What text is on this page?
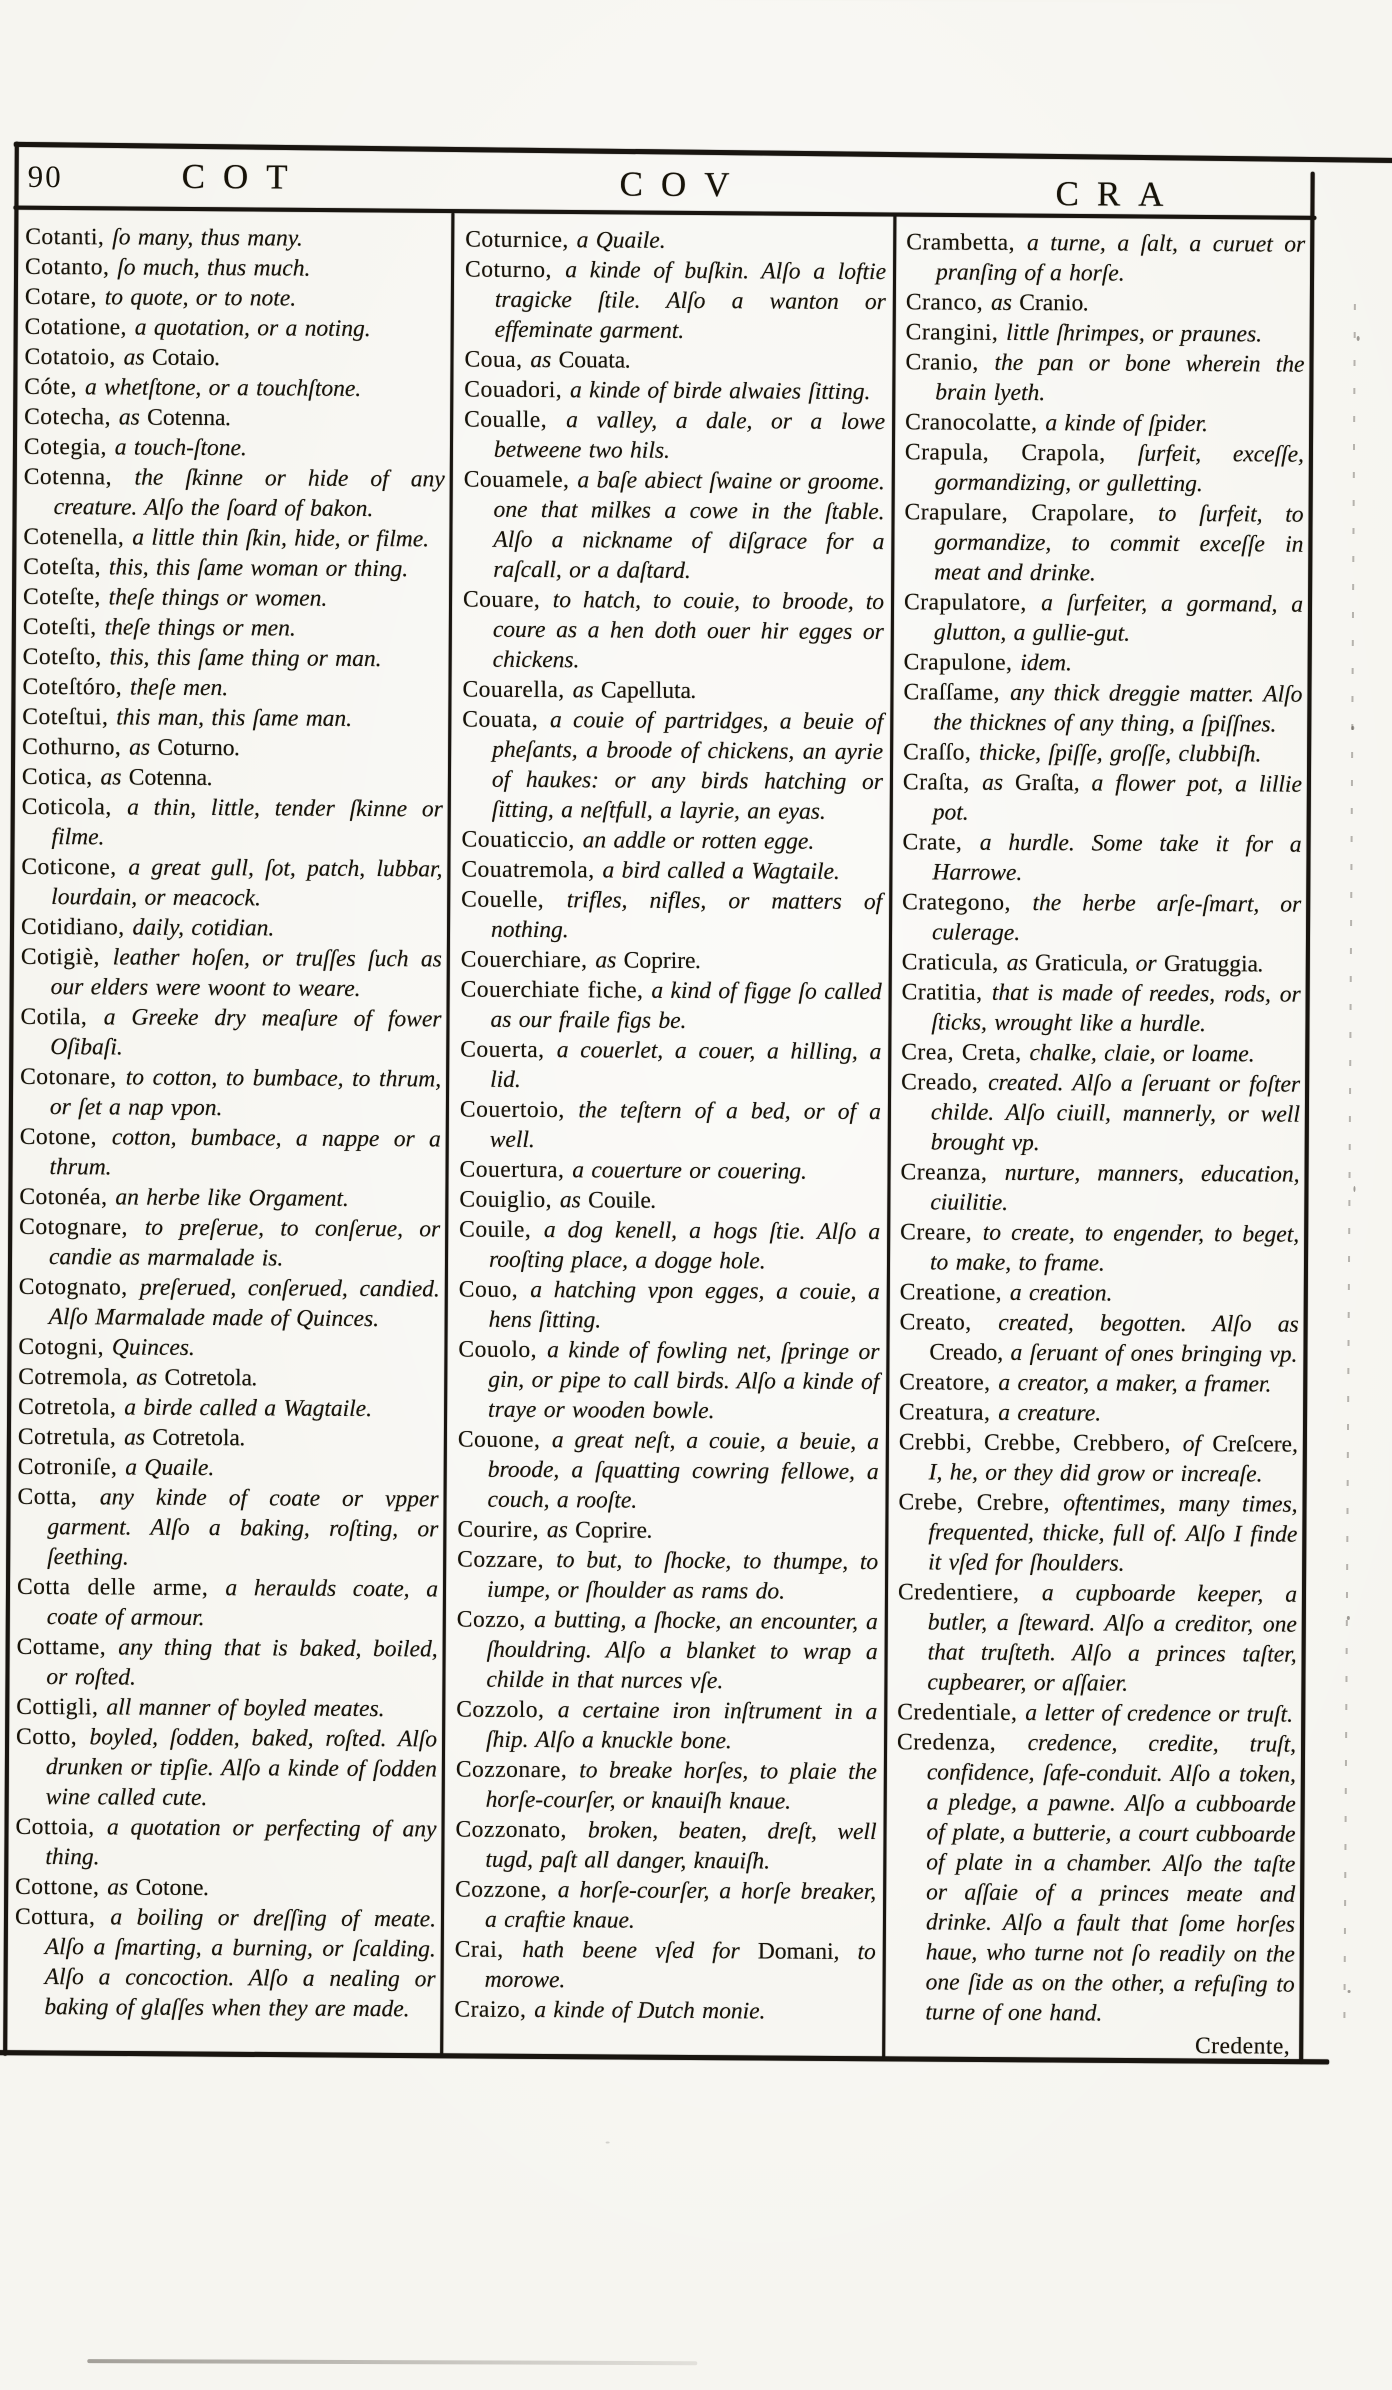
90	COT	COV	CRA
Cotanti, ſo many, thus many.
Cotanto, ſo much, thus much.
Cotare, to quote, or to note.
Cotatione, a quotation, or a noting.
Cotatoio, as Cotaio.
Cóte, a whetſtone, or a touchſtone.
Cotecha, as Cotenna.
Cotegia, a touch-ſtone.
Cotenna, the ſkinne or hide of any creature. Alſo the ſoard of bakon.
Cotenella, a little thin ſkin, hide, or filme.
Coteſta, this, this ſame woman or thing.
Coteſte, theſe things or women.
Coteſti, theſe things or men.
Coteſto, this, this ſame thing or man.
Coteſtóro, theſe men.
Coteſtui, this man, this ſame man.
Cothurno, as Coturno.
Cotica, as Cotenna.
Coticola, a thin, little, tender ſkinne or filme.
Coticone, a great gull, ſot, patch, lubbar, lourdain, or meacock.
Cotidiano, daily, cotidian.
Cotigiè, leather hoſen, or truſſes ſuch as our elders were woont to weare.
Cotila, a Greeke dry meaſure of fower Oſibaſi.
Cotonare, to cotton, to bumbace, to thrum, or ſet a nap vpon.
Cotone, cotton, bumbace, a nappe or a thrum.
Cotonéa, an herbe like Orgament.
Cotognare, to preſerue, to conſerue, or candie as marmalade is.
Cotognato, preſerued, conſerued, candied. Alſo Marmalade made of Quinces.
Cotogni, Quinces.
Cotremola, as Cotretola.
Cotretola, a birde called a Wagtaile.
Cotretula, as Cotretola.
Cotroniſe, a Quaile.
Cotta, any kinde of coate or vpper garment. Alſo a baking, roſting, or ſeething.
Cotta delle arme, a heraulds coate, a coate of armour.
Cottame, any thing that is baked, boiled, or roſted.
Cottigli, all manner of boyled meates.
Cotto, boyled, ſodden, baked, roſted. Alſo drunken or tipſie. Alſo a kinde of ſodden wine called cute.
Cottoia, a quotation or perfecting of any thing.
Cottone, as Cotone.
Cottura, a boiling or dreſſing of meate. Alſo a ſmarting, a burning, or ſcalding. Alſo a concoction. Alſo a nealing or baking of glaſſes when they are made.
Coturnice, a Quaile.
Coturno, a kinde of buſkin. Alſo a loftie tragicke ſtile. Alſo a wanton or effeminate garment.
Coua, as Couata.
Couadori, a kinde of birde alwaies ſitting.
Coualle, a valley, a dale, or a lowe betweene two hils.
Couamele, a baſe abiect ſwaine or groome. one that milkes a cowe in the ſtable. Alſo a nickname of diſgrace for a raſcall, or a daſtard.
Couare, to hatch, to couie, to broode, to coure as a hen doth ouer hir egges or chickens.
Couarella, as Capelluta.
Couata, a couie of partridges, a beuie of pheſants, a broode of chickens, an ayrie of haukes: or any birds hatching or ſitting, a neſtfull, a layrie, an eyas.
Couaticcio, an addle or rotten egge.
Couatremola, a bird called a Wagtaile.
Couelle, trifles, nifles, or matters of nothing.
Couerchiare, as Coprire.
Couerchiate fiche, a kind of figge ſo called as our fraile figs be.
Couerta, a couerlet, a couer, a hilling, a lid.
Couertoio, the teſtern of a bed, or of a well.
Couertura, a couerture or couering.
Couiglio, as Couile.
Couile, a dog kenell, a hogs ſtie. Alſo a rooſting place, a dogge hole.
Couo, a hatching vpon egges, a couie, a hens ſitting.
Couolo, a kinde of fowling net, ſpringe or gin, or pipe to call birds. Alſo a kinde of traye or wooden bowle.
Couone, a great neſt, a couie, a beuie, a broode, a ſquatting cowring fellowe, a couch, a rooſte.
Courire, as Coprire.
Cozzare, to but, to ſhocke, to thumpe, to iumpe, or ſhoulder as rams do.
Cozzo, a butting, a ſhocke, an encounter, a ſhouldring. Alſo a blanket to wrap a childe in that nurces vſe.
Cozzolo, a certaine iron inſtrument in a ſhip. Alſo a knuckle bone.
Cozzonare, to breake horſes, to plaie the horſe-courſer, or knauiſh knaue.
Cozzonato, broken, beaten, dreſt, well tugd, paſt all danger, knauiſh.
Cozzone, a horſe-courſer, a horſe breaker, a craftie knaue.
Crai, hath beene vſed for Domani, to morowe.
Craizo, a kinde of Dutch monie.
Crambetta, a turne, a ſalt, a curuet or pranſing of a horſe.
Cranco, as Cranio.
Crangini, little ſhrimpes, or praunes.
Cranio, the pan or bone wherein the brain lyeth.
Cranocolatte, a kinde of ſpider.
Crapula, Crapola, ſurfeit, exceſſe, gormandizing, or gulletting.
Crapulare, Crapolare, to ſurfeit, to gormandize, to commit exceſſe in meat and drinke.
Crapulatore, a ſurfeiter, a gormand, a glutton, a gullie-gut.
Crapulone, idem.
Craſſame, any thick dreggie matter. Alſo the thicknes of any thing, a ſpiſſnes.
Craſſo, thicke, ſpiſſe, groſſe, clubbiſh.
Craſta, as Graſta, a flower pot, a lillie pot.
Crate, a hurdle. Some take it for a Harrowe.
Crategono, the herbe arſe-ſmart, or culerage.
Craticula, as Graticula, or Gratuggia.
Cratitia, that is made of reedes, rods, or ſticks, wrought like a hurdle.
Crea, Creta, chalke, claie, or loame.
Creado, created. Alſo a ſeruant or foſter childe. Alſo ciuill, mannerly, or well brought vp.
Creanza, nurture, manners, education, ciuilitie.
Creare, to create, to engender, to beget, to make, to frame.
Creatione, a creation.
Creato, created, begotten. Alſo as Creado, a ſeruant of ones bringing vp.
Creatore, a creator, a maker, a framer.
Creatura, a creature.
Crebbi, Crebbe, Crebbero, of Creſcere, I, he, or they did grow or increaſe.
Crebe, Crebre, oftentimes, many times, frequented, thicke, full of. Alſo I finde it vſed for ſhoulders.
Credentiere, a cupboarde keeper, a butler, a ſteward. Alſo a creditor, one that truſteth. Alſo a princes taſter, cupbearer, or aſſaier.
Credentiale, a letter of credence or truſt.
Credenza, credence, credite, truſt, confidence, ſafe-conduit. Alſo a token, a pledge, a pawne. Alſo a cubboarde of plate, a butterie, a court cubboarde of plate in a chamber. Alſo the taſte or aſſaie of a princes meate and drinke. Alſo a fault that ſome horſes haue, who turne not ſo readily on the one ſide as on the other, a refuſing to turne of one hand.
Credente,
